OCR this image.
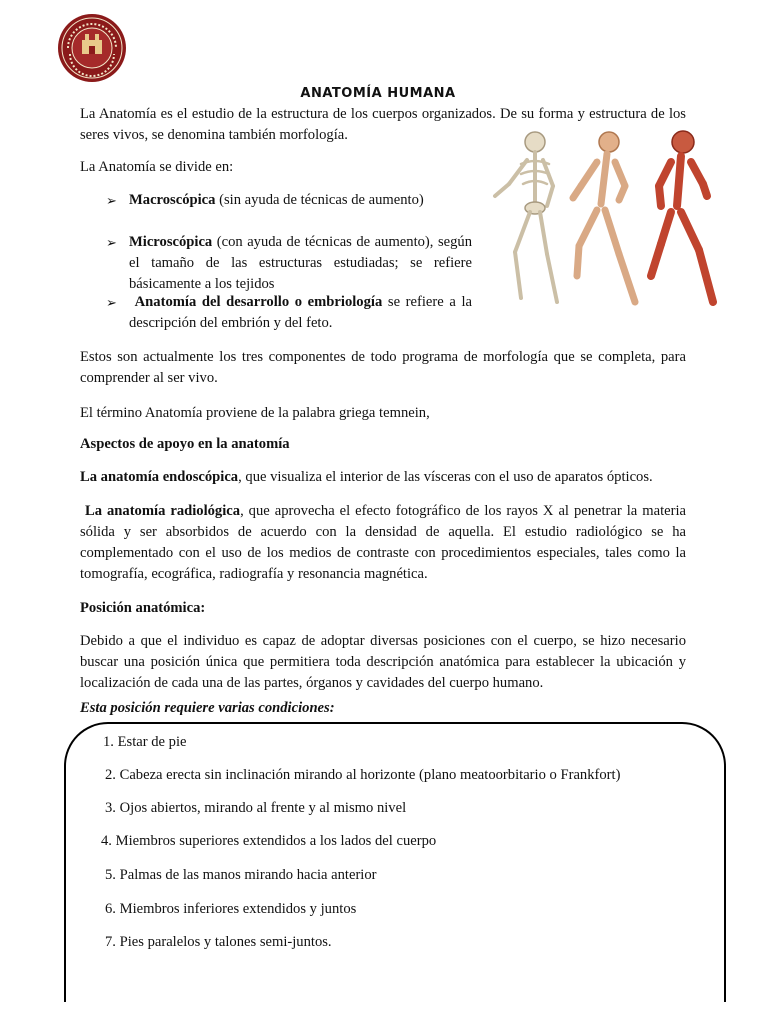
ANATOMÍA HUMANA

La Anatomía es el estudio de la estructura de los cuerpos organizados. De su forma y estructura de los seres vivos, se denomina también morfología.

La Anatomía se divide en:

➢ Macroscópica (sin ayuda de técnicas de aumento)
➢ Microscópica (con ayuda de técnicas de aumento), según el tamaño de las estructuras estudiadas; se refiere básicamente a los tejidos
➢	Anatomía del desarrollo o embriología se refiere a la descripción del embrión y del feto.

Estos son actualmente los tres componentes de todo programa de morfología que se completa, para comprender al ser vivo.

El término Anatomía proviene de la palabra griega temnein,

Aspectos de apoyo en la anatomía

La anatomía endoscópica, que visualiza el interior de las vísceras con el uso de aparatos ópticos.

La anatomía radiológica, que aprovecha el efecto fotográfico de los rayos X al penetrar la materia sólida y ser absorbidos de acuerdo con la densidad de aquella. El estudio radiológico se ha complementado con el uso de los medios de contraste con procedimientos especiales, tales como la tomografía, ecográfica, radiografía y resonancia magnética.

Posición anatómica:

Debido a que el individuo es capaz de adoptar diversas posiciones con el cuerpo, se hizo necesario buscar una posición única que permitiera toda descripción anatómica para establecer la ubicación y localización de cada una de las partes, órganos y cavidades del cuerpo humano.

Esta posición requiere varias condiciones:

1. Estar de pie
2. Cabeza erecta sin inclinación mirando al horizonte (plano meatoorbitario o Frankfort)
3. Ojos abiertos, mirando al frente y al mismo nivel
4. Miembros superiores extendidos a los lados del cuerpo
5. Palmas de las manos mirando hacia anterior
6. Miembros inferiores extendidos y juntos
7. Pies paralelos y talones semi-juntos.
